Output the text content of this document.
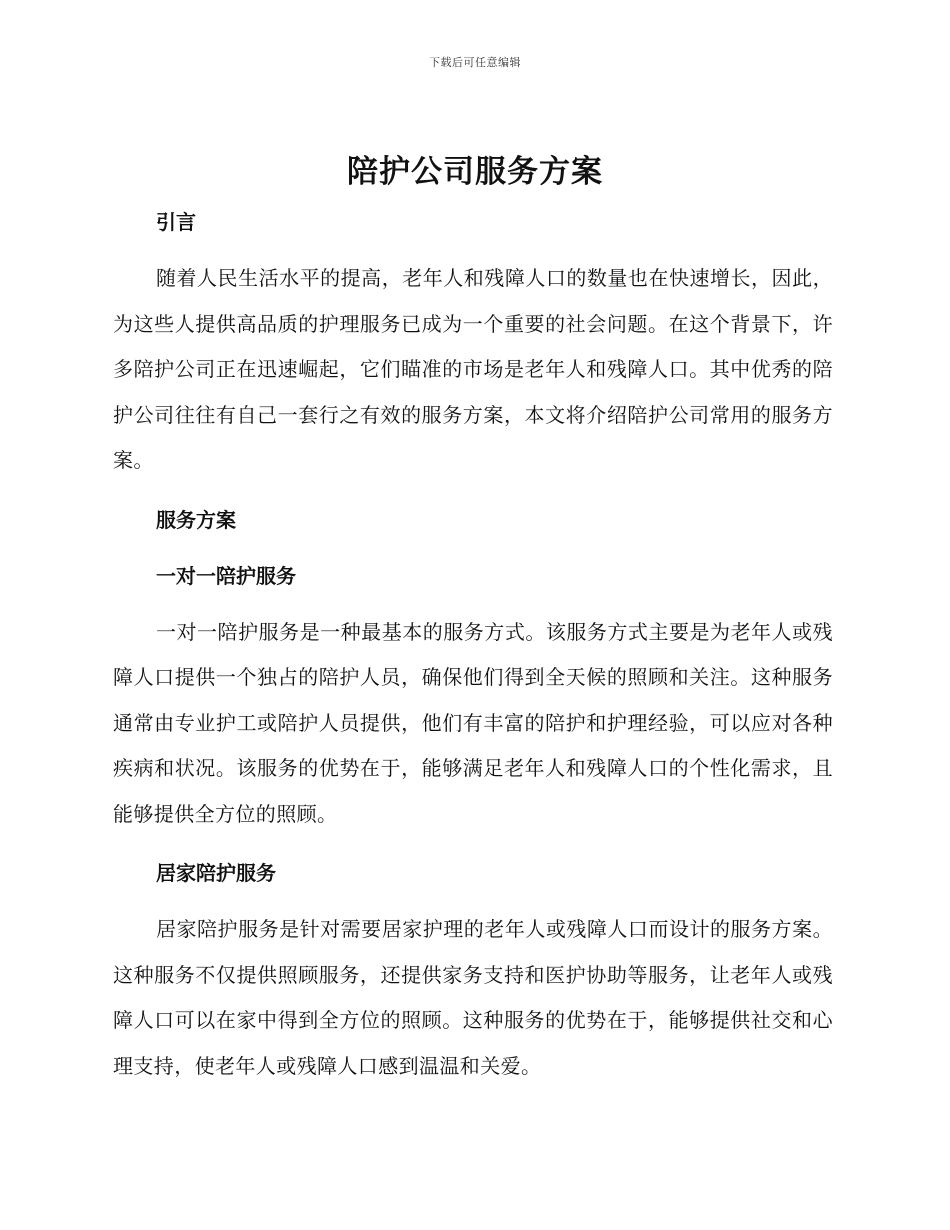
下载后可任意编辑
陪护公司服务方案
引言

随着人民生活水平的提高，老年人和残障人口的数量也在快速增长，因此，为这些人提供高品质的护理服务已成为一个重要的社会问题。在这个背景下，许多陪护公司正在迅速崛起，它们瞄准的市场是老年人和残障人口。其中优秀的陪护公司往往有自己一套行之有效的服务方案，本文将介绍陪护公司常用的服务方案。

服务方案
一对一陪护服务

一对一陪护服务是一种最基本的服务方式。该服务方式主要是为老年人或残障人口提供一个独占的陪护人员，确保他们得到全天候的照顾和关注。这种服务通常由专业护工或陪护人员提供，他们有丰富的陪护和护理经验，可以应对各种疾病和状况。该服务的优势在于，能够满足老年人和残障人口的个性化需求，且能够提供全方位的照顾。

居家陪护服务

居家陪护服务是针对需要居家护理的老年人或残障人口而设计的服务方案。这种服务不仅提供照顾服务，还提供家务支持和医护协助等服务，让老年人或残障人口可以在家中得到全方位的照顾。这种服务的优势在于，能够提供社交和心理支持，使老年人或残障人口感到温温和关爱。
